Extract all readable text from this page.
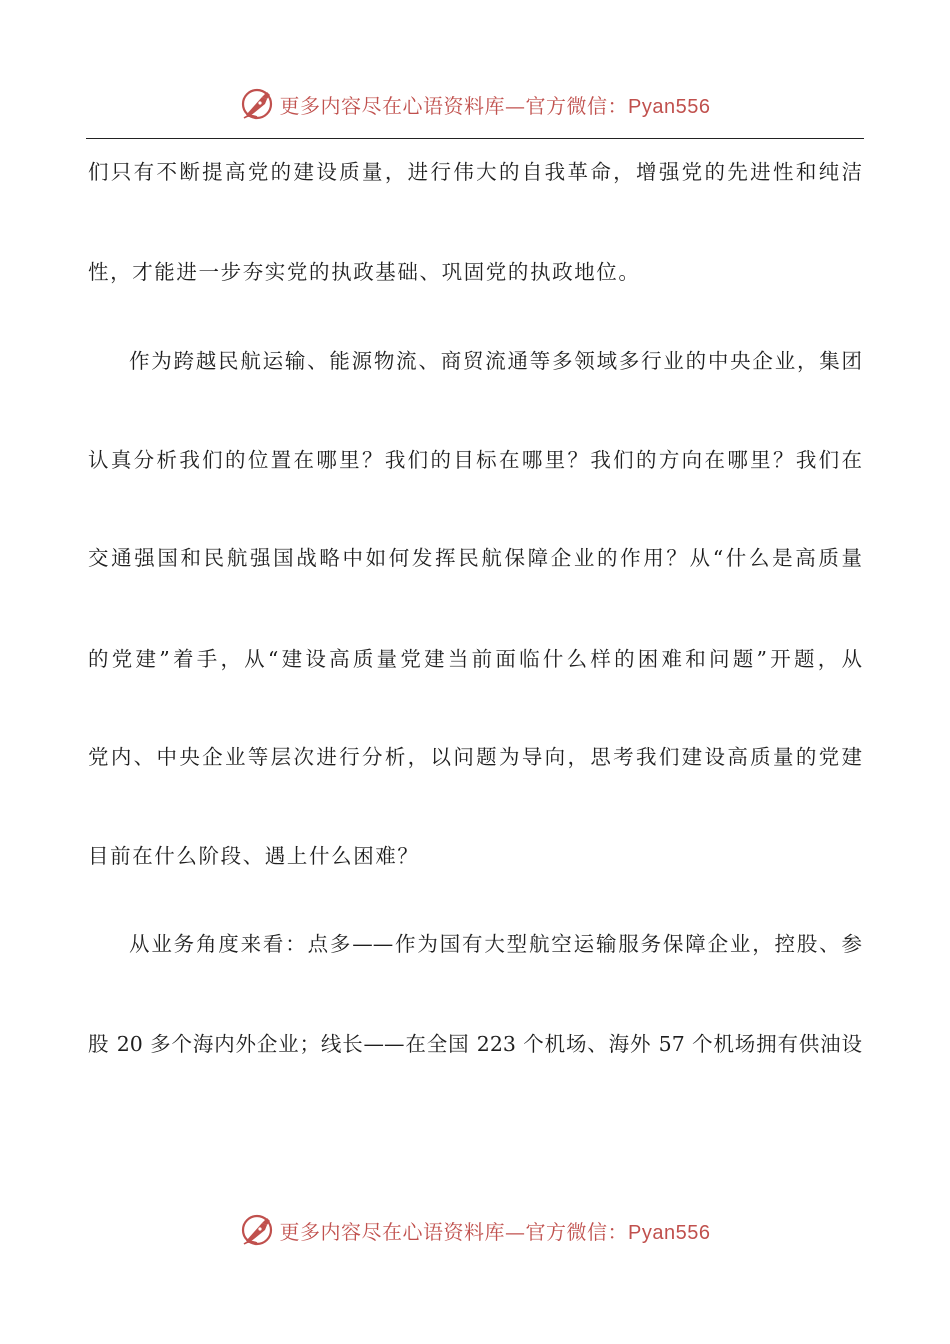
更多内容尽在心语资料库—官方微信：Pyan556
们只有不断提高党的建设质量，进行伟大的自我革命，增强党的先进性和纯洁
性，才能进一步夯实党的执政基础、巩固党的执政地位。
作为跨越民航运输、能源物流、商贸流通等多领域多行业的中央企业，集团
认真分析我们的位置在哪里？我们的目标在哪里？我们的方向在哪里？我们在
交通强国和民航强国战略中如何发挥民航保障企业的作用？从“什么是高质量
的党建”着手，从“建设高质量党建当前面临什么样的困难和问题”开题，从
党内、中央企业等层次进行分析，以问题为导向，思考我们建设高质量的党建
目前在什么阶段、遇上什么困难？
从业务角度来看：点多——作为国有大型航空运输服务保障企业，控股、参
股 20 多个海内外企业；线长——在全国 223 个机场、海外 57 个机场拥有供油设
更多内容尽在心语资料库—官方微信：Pyan556
